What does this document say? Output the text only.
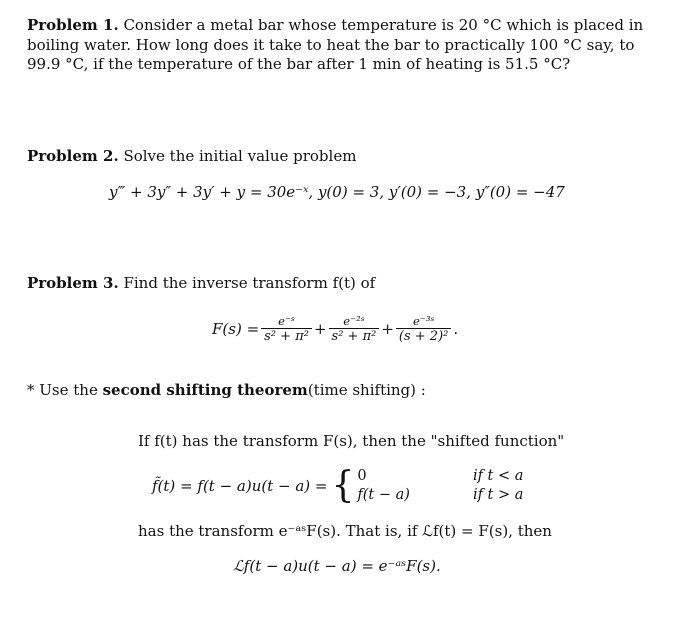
Problem 1. Consider a metal bar whose temperature is 20 °C which is placed in boiling water. How long does it take to heat the bar to practically 100 °C say, to 99.9 °C, if the temperature of the bar after 1 min of heating is 51.5 °C?
Problem 2. Solve the initial value problem
y‴ + 3y″ + 3y′ + y = 30e⁻ˣ, y(0) = 3, y′(0) = −3, y″(0) = −47
Problem 3. Find the inverse transform f(t) of
$F(s) = \frac{\text{e⁻ˢ}}{\text{s² + π²}} + \frac{\text{e⁻²ˢ}}{\text{s² + π²}} + \frac{\text{e⁻³ˢ}}{\text{(s + 2)²}}$ .
* Use the second shifting theorem(time shifting) :
If f(t) has the transform F(s), then the "shifted function"
f̃(t) = f(t − a)u(t − a) = { 0	if t < a
f(t − a)	if t > a
has the transform e⁻ᵃˢF(s). That is, if ℒf(t) = F(s), then
ℒf(t − a)u(t − a) = e⁻ᵃˢF(s).
